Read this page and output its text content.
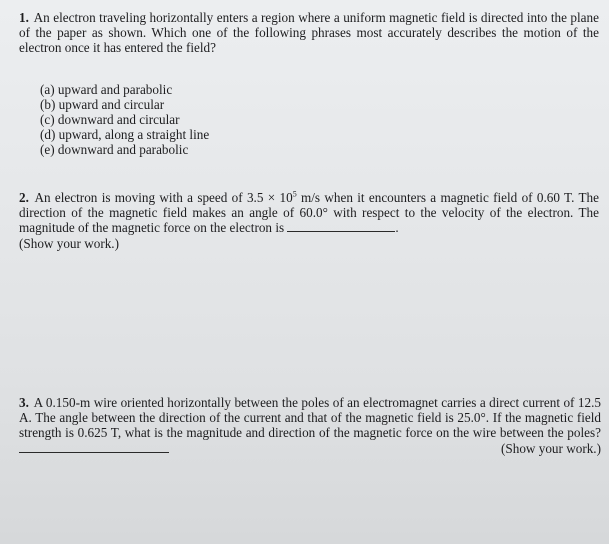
1. An electron traveling horizontally enters a region where a uniform magnetic field is directed into the plane of the paper as shown. Which one of the following phrases most accurately describes the motion of the electron once it has entered the field?

(a) upward and parabolic
(b) upward and circular
(c) downward and circular
(d) upward, along a straight line
(e) downward and parabolic

2. An electron is moving with a speed of $3.5 \times 10^5$ m/s when it encounters a magnetic field of 0.60 T. The direction of the magnetic field makes an angle of 60.0° with respect to the velocity of the electron. The magnitude of the magnetic force on the electron is	.
(Show your work.)

3. A 0.150-m wire oriented horizontally between the poles of an electromagnet carries a direct current of 12.5 A. The angle between the direction of the current and that of the magnetic field is 25.0°. If the magnetic field strength is 0.625 T, what is the magnitude and direction of the magnetic force on the wire between the poles?
(Show your work.)
